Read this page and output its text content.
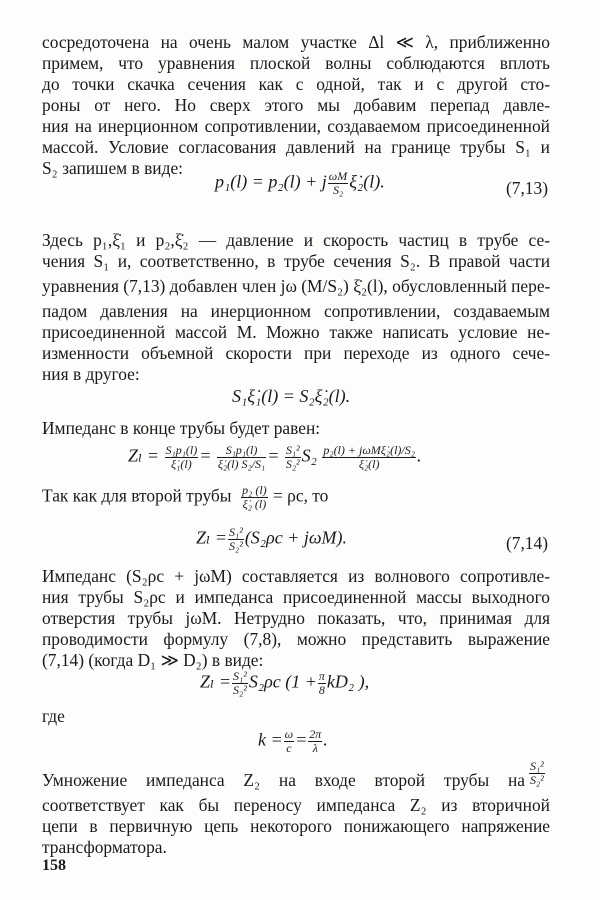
сосредоточена на очень малом участке Δl ≪ λ, приближенно
примем, что уравнения плоской волны соблюдаются вплоть
до точки скачка сечения как с одной, так и с другой сто-
роны от него. Но сверх этого мы добавим перепад давле-
ния на инерционном сопротивлении, создаваемом присоединенной
массой. Условие согласования давлений на границе трубы S₁ и
S₂ запишем в виде:
p₁(l) = p₂(l) + j $\frac{\omega M}{\text{S₂}}$ ξ̇₂(l).	(7,13)
Здесь p₁,ξ̇₁ и p₂,ξ̇₂ — давление и скорость частиц в трубе се-
чения S₁ и, соответственно, в трубе сечения S₂. В правой части
уравнения (7,13) добавлен член jω (M/S₂) ξ̇₂(l), обусловленный пере-
падом давления на инерционном сопротивлении, создаваемым
присоединенной массой M. Можно также написать условие не-
изменности объемной скорости при переходе из одного сече-
ния в другое:
S₁ξ̇₁(l) = S₂ξ̇₂(l).
Импеданс в конце трубы будет равен:
$Z_l = \frac{\text{S₁p₁(l)}}{\text{ξ̇₁(l)}} = \frac{\text{S₁p₁(l)}}{\text{ξ̇₂(l) S₂/S₁}} = \frac{\text{S₁²}}{\text{S₂²}} S_2 \frac{\text{p₂(l) + jωMξ̇₂(l)/S₂}}{\text{ξ̇₂(l)}}$ .
Так как для второй трубы $\frac{\text{p₂ (l)}}{\text{ξ̇₂ (l)}} = \rho c$, то
$Z_l = \frac{\text{S₁²}}{\text{S₂²}} (S_2\rho c + j\omega M)$.	(7,14)
Импеданс (S₂ρc + jωM) составляется из волнового сопротивле-
ния трубы S₂ρc и импеданса присоединенной массы выходного
отверстия трубы jωM. Нетрудно показать, что, принимая для
проводимости формулу (7,8), можно представить выражение
(7,14) (когда D₁ ≫ D₂) в виде:
$Z_l = \frac{\text{S₁²}}{\text{S₂²}} S_2\rho c$ ($1 + \frac{\pi}{8} kD_2$ ),
где
$k = \frac{\omega}{c} = \frac{2\pi}{\lambda}$ .
Умножение импеданса Z₂ на входе второй трубы на $\frac{\text{S₁²}}{\text{S₂²}}$
соответствует как бы переносу импеданса Z₂ из вторичной
цепи в первичную цепь некоторого понижающего напряжение
трансформатора.
158
